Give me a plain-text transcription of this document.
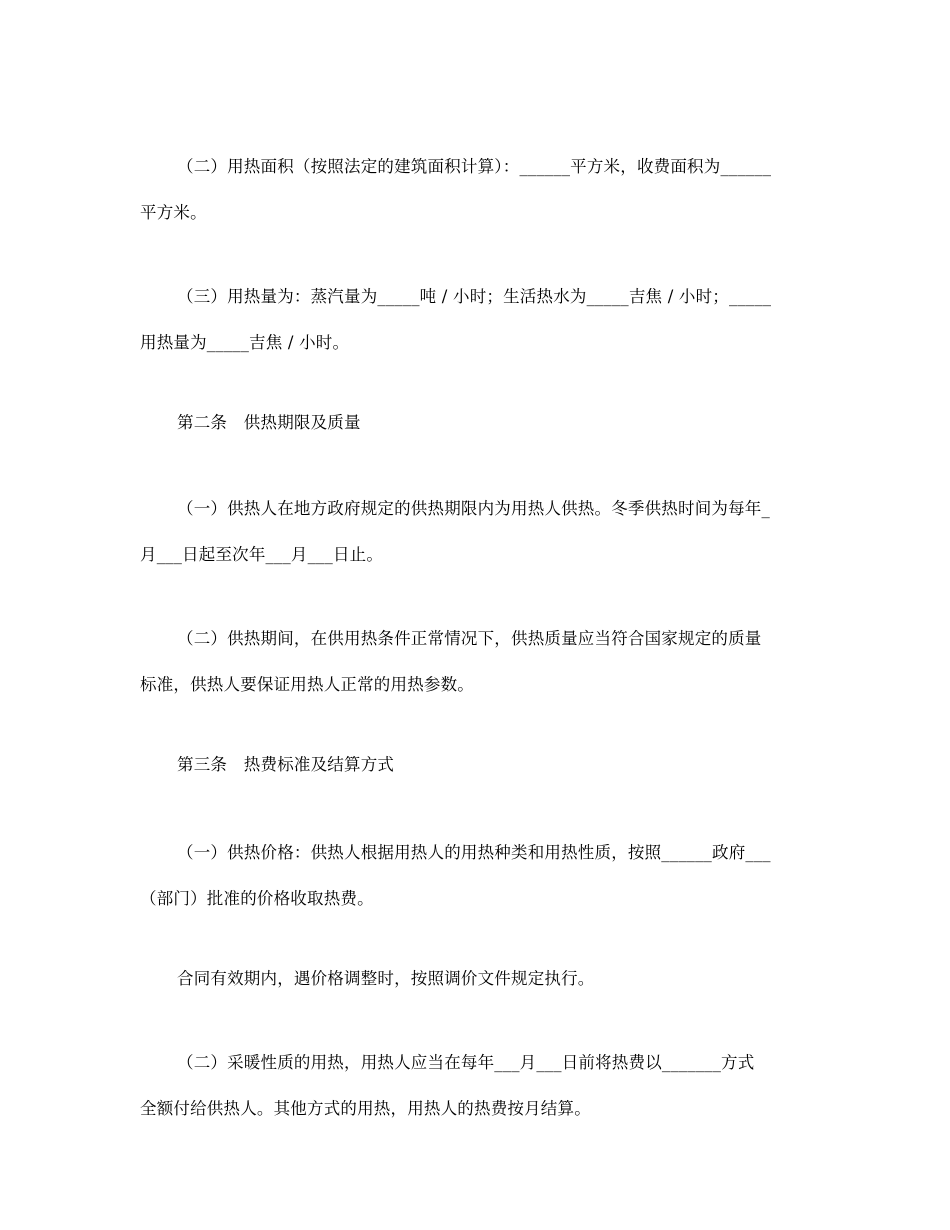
（二）用热面积（按照法定的建筑面积计算）：______平方米，收费面积为______
平方米。

（三）用热量为：蒸汽量为_____吨 / 小时；生活热水为_____吉焦 / 小时；_____
用热量为_____吉焦 / 小时。

第二条　供热期限及质量

（一）供热人在地方政府规定的供热期限内为用热人供热。冬季供热时间为每年_
月___日起至次年___月___日止。

（二）供热期间，在供用热条件正常情况下，供热质量应当符合国家规定的质量
标准，供热人要保证用热人正常的用热参数。

第三条　热费标准及结算方式

（一）供热价格：供热人根据用热人的用热种类和用热性质，按照______政府___
（部门）批准的价格收取热费。

合同有效期内，遇价格调整时，按照调价文件规定执行。

（二）采暖性质的用热，用热人应当在每年___月___日前将热费以_______方式
全额付给供热人。其他方式的用热，用热人的热费按月结算。
